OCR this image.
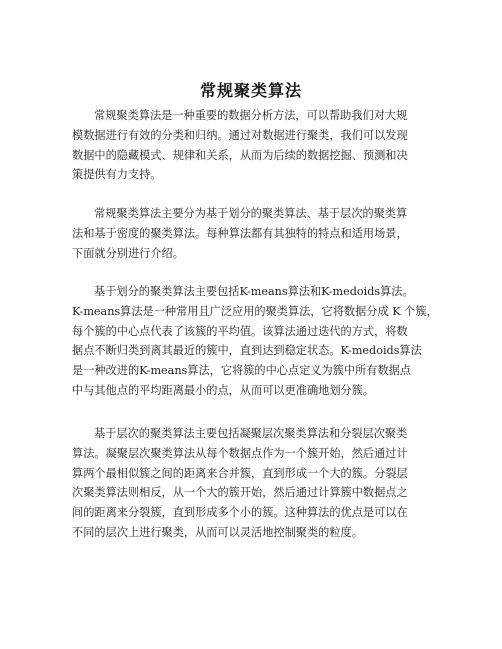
常规聚类算法
常规聚类算法是一种重要的数据分析方法，可以帮助我们对大规
模数据进行有效的分类和归纳。通过对数据进行聚类，我们可以发现
数据中的隐藏模式、规律和关系，从而为后续的数据挖掘、预测和决
策提供有力支持。
常规聚类算法主要分为基于划分的聚类算法、基于层次的聚类算
法和基于密度的聚类算法。每种算法都有其独特的特点和适用场景，
下面就分别进行介绍。
基于划分的聚类算法主要包括K-means算法和K-medoids算法。
K-means算法是一种常用且广泛应用的聚类算法，它将数据分成 K 个簇，
每个簇的中心点代表了该簇的平均值。该算法通过迭代的方式，将数
据点不断归类到离其最近的簇中，直到达到稳定状态。K-medoids算法
是一种改进的K-means算法，它将簇的中心点定义为簇中所有数据点
中与其他点的平均距离最小的点，从而可以更准确地划分簇。
基于层次的聚类算法主要包括凝聚层次聚类算法和分裂层次聚类
算法。凝聚层次聚类算法从每个数据点作为一个簇开始，然后通过计
算两个最相似簇之间的距离来合并簇，直到形成一个大的簇。分裂层
次聚类算法则相反，从一个大的簇开始，然后通过计算簇中数据点之
间的距离来分裂簇，直到形成多个小的簇。这种算法的优点是可以在
不同的层次上进行聚类，从而可以灵活地控制聚类的粒度。
